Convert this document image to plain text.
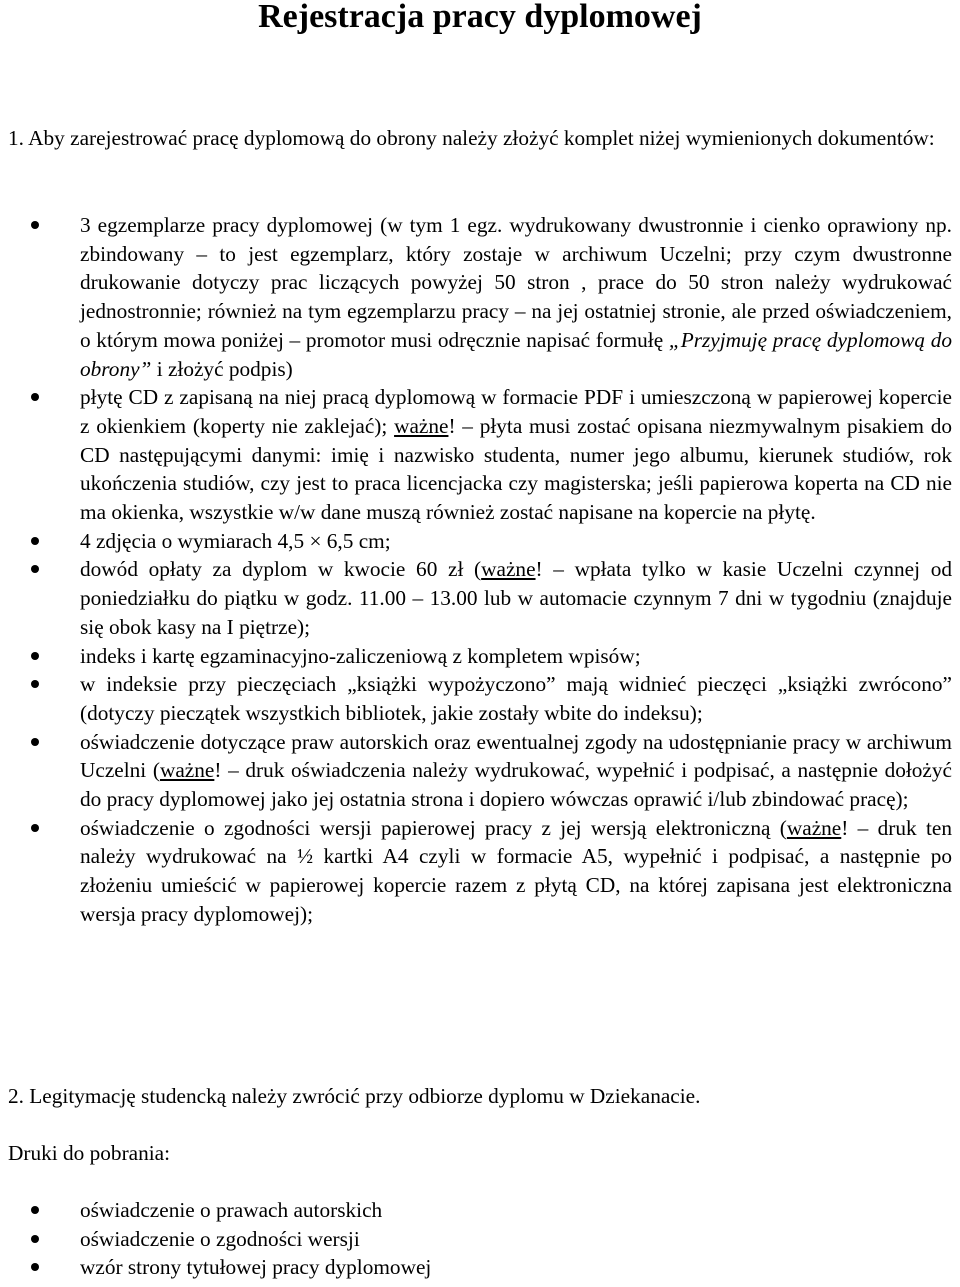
Rejestracja pracy dyplomowej

1. Aby zarejestrować pracę dyplomową do obrony należy złożyć komplet niżej wymienionych dokumentów:

3 egzemplarze pracy dyplomowej (w tym 1 egz. wydrukowany dwustronnie i cienko oprawiony np. zbindowany – to jest egzemplarz, który zostaje w archiwum Uczelni; przy czym dwustronne drukowanie dotyczy prac liczących powyżej 50 stron , prace do 50 stron należy wydrukować jednostronnie; również na tym egzemplarzu pracy – na jej ostatniej stronie, ale przed oświadczeniem, o którym mowa poniżej – promotor musi odręcznie napisać formułę „Przyjmuję pracę dyplomową do obrony” i złożyć podpis)
płytę CD z zapisaną na niej pracą dyplomową w formacie PDF i umieszczoną w papierowej kopercie z okienkiem (koperty nie zaklejać); ważne! – płyta musi zostać opisana niezmywalnym pisakiem do CD następującymi danymi: imię i nazwisko studenta, numer jego albumu, kierunek studiów, rok ukończenia studiów, czy jest to praca licencjacka czy magisterska; jeśli papierowa koperta na CD nie ma okienka, wszystkie w/w dane muszą również zostać napisane na kopercie na płytę.
4 zdjęcia o wymiarach 4,5 × 6,5 cm;
dowód opłaty za dyplom w kwocie 60 zł (ważne! – wpłata tylko w kasie Uczelni czynnej od poniedziałku do piątku w godz. 11.00 – 13.00 lub w automacie czynnym 7 dni w tygodniu (znajduje się obok kasy na I piętrze);
indeks i kartę egzaminacyjno-zaliczeniową z kompletem wpisów;
w indeksie przy pieczęciach „książki wypożyczono” mają widnieć pieczęci „książki zwrócono” (dotyczy pieczątek wszystkich bibliotek, jakie zostały wbite do indeksu);
oświadczenie dotyczące praw autorskich oraz ewentualnej zgody na udostępnianie pracy w archiwum Uczelni (ważne! – druk oświadczenia należy wydrukować, wypełnić i podpisać, a następnie dołożyć do pracy dyplomowej jako jej ostatnia strona i dopiero wówczas oprawić i/lub zbindować pracę);
oświadczenie o zgodności wersji papierowej pracy z jej wersją elektroniczną (ważne! – druk ten należy wydrukować na ½ kartki A4 czyli w formacie A5, wypełnić i podpisać, a następnie po złożeniu umieścić w papierowej kopercie razem z płytą CD, na której zapisana jest elektroniczna wersja pracy dyplomowej);

2. Legitymację studencką należy zwrócić przy odbiorze dyplomu w Dziekanacie.

Druki do pobrania:

oświadczenie o prawach autorskich
oświadczenie o zgodności wersji
wzór strony tytułowej pracy dyplomowej
